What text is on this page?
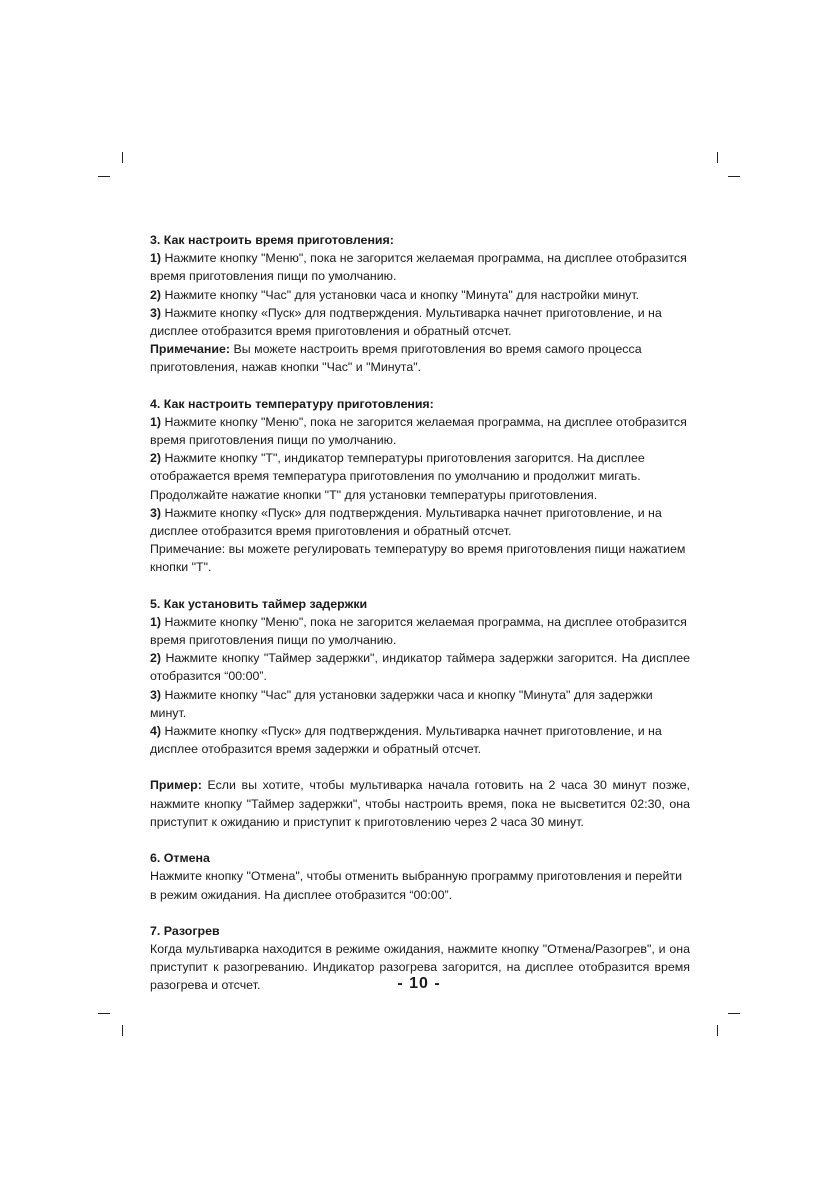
3. Как настроить время приготовления:

1) Нажмите кнопку "Меню", пока не загорится желаемая программа, на дисплее отобразится время приготовления пищи по умолчанию.

2) Нажмите кнопку "Час" для установки часа и кнопку "Минута" для настройки минут.

3) Нажмите кнопку «Пуск» для подтверждения. Мультиварка начнет приготовление, и на дисплее отобразится время приготовления и обратный отсчет.

Примечание: Вы можете настроить время приготовления во время самого процесса приготовления, нажав кнопки "Час" и "Минута".

4. Как настроить температуру приготовления:

1) Нажмите кнопку "Меню", пока не загорится желаемая программа, на дисплее отобразится время приготовления пищи по умолчанию.

2) Нажмите кнопку "T", индикатор температуры приготовления загорится. На дисплее отображается время температура приготовления по умолчанию и продолжит мигать. Продолжайте нажатие кнопки "T" для установки температуры приготовления.

3) Нажмите кнопку «Пуск» для подтверждения. Мультиварка начнет приготовление, и на дисплее отобразится время приготовления и обратный отсчет.

Примечание: вы можете регулировать температуру во время приготовления пищи нажатием кнопки "T".

5. Как установить таймер задержки

1) Нажмите кнопку "Меню", пока не загорится желаемая программа, на дисплее отобразится время приготовления пищи по умолчанию.

2) Нажмите кнопку "Таймер задержки", индикатор таймера задержки загорится. На дисплее отобразится “00:00”.

3) Нажмите кнопку "Час" для установки задержки часа и кнопку "Минута" для задержки минут.

4) Нажмите кнопку «Пуск» для подтверждения. Мультиварка начнет приготовление, и на дисплее отобразится время задержки и обратный отсчет.

Пример: Если вы хотите, чтобы мультиварка начала готовить на 2 часа 30 минут позже, нажмите кнопку "Таймер задержки", чтобы настроить время, пока не высветится 02:30, она приступит к ожиданию и приступит к приготовлению через 2 часа 30 минут.

6. Отмена

Нажмите кнопку "Отмена", чтобы отменить выбранную программу приготовления и перейти в режим ожидания. На дисплее отобразится “00:00”.

7. Разогрев

Когда мультиварка находится в режиме ожидания, нажмите кнопку "Отмена/Разогрев", и она приступит к разогреванию. Индикатор разогрева загорится, на дисплее отобразится время разогрева и отсчет.	- 10 -
